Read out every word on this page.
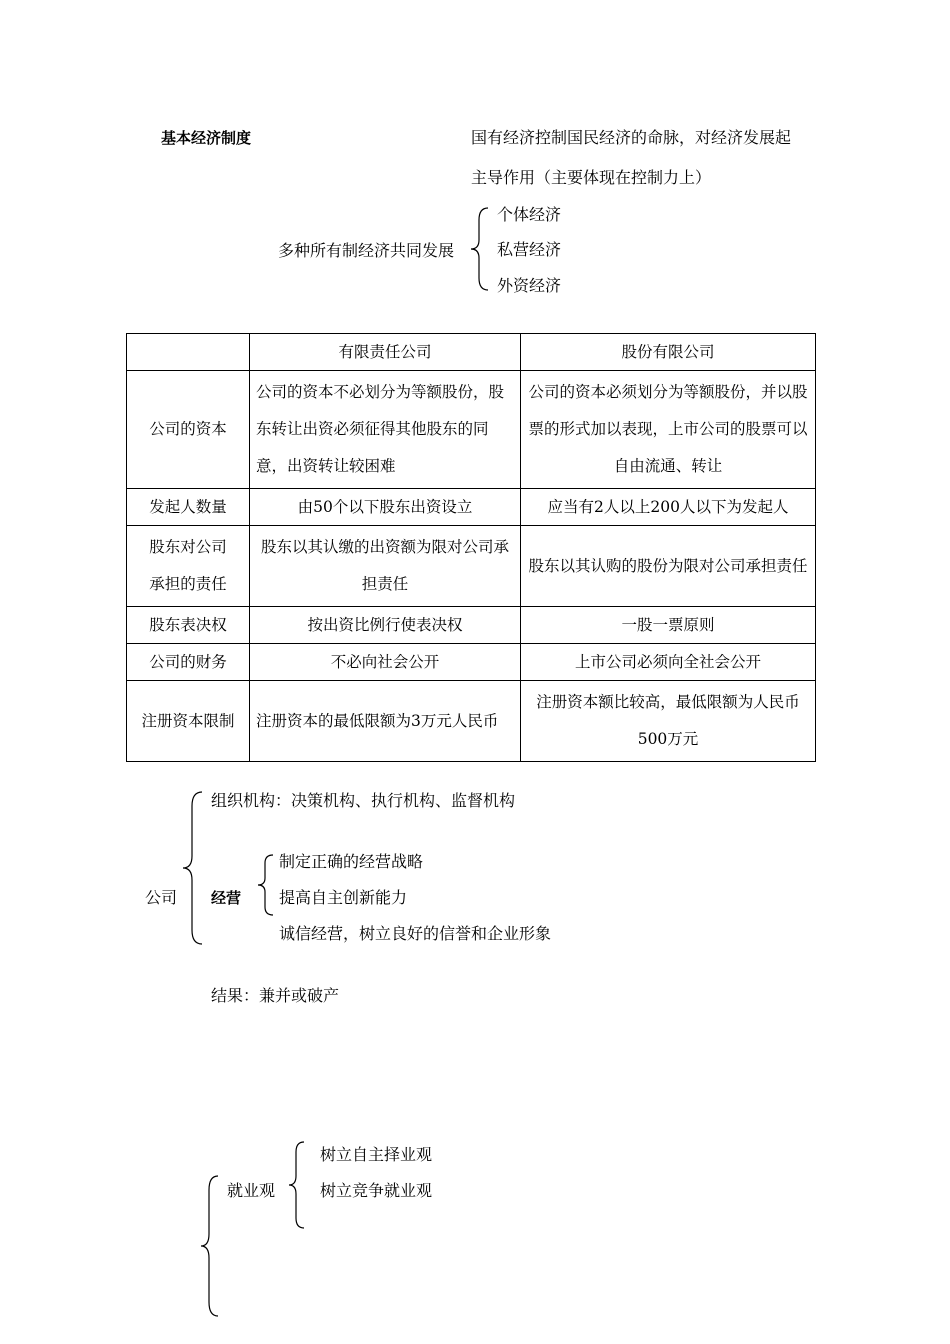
基本经济制度	国有经济控制国民经济的命脉，对经济发展起
主导作用（主要体现在控制力上）
多种所有制经济共同发展
个体经济
私营经济
外资经济
	有限责任公司	股份有限公司
公司的资本	公司的资本不必划分为等额股份，股东转让出资必须征得其他股东的同意，出资转让较困难	公司的资本必须划分为等额股份，并以股票的形式加以表现，上市公司的股票可以自由流通、转让
发起人数量	由50个以下股东出资设立	应当有2人以上200人以下为发起人
股东对公司承担的责任	股东以其认缴的出资额为限对公司承担责任	股东以其认购的股份为限对公司承担责任
股东表决权	按出资比例行使表决权	一股一票原则
公司的财务	不必向社会公开	上市公司必须向全社会公开
注册资本限制	注册资本的最低限额为3万元人民币	注册资本额比较高，最低限额为人民币500万元
公司
组织机构：决策机构、执行机构、监督机构
经营
制定正确的经营战略
提高自主创新能力
诚信经营，树立良好的信誉和企业形象
结果：兼并或破产
就业观
树立自主择业观
树立竞争就业观
